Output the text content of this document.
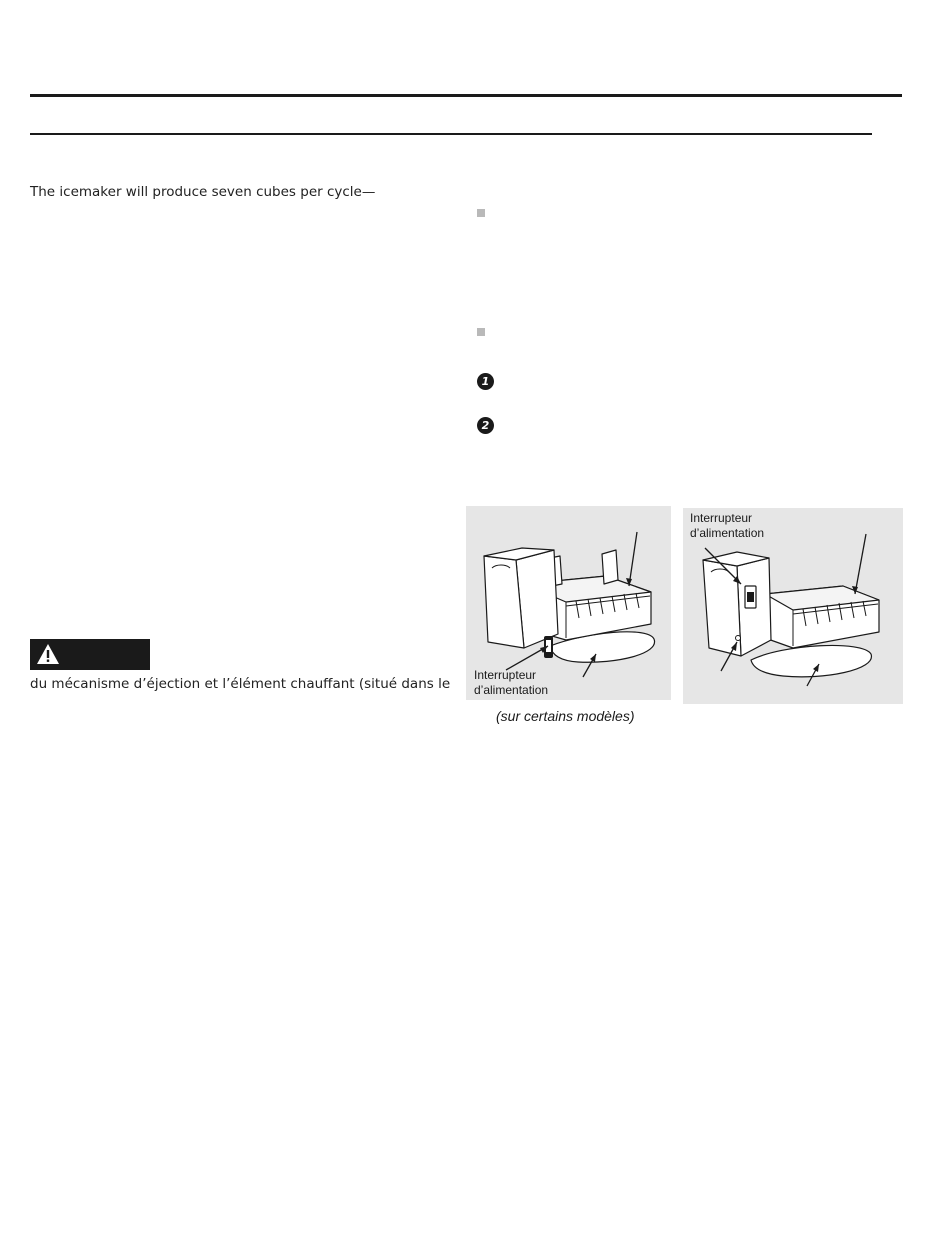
The icemaker will produce seven cubes per cycle—
du mécanisme d’éjection et l’élément chauffant (situé dans le
1
2
Interrupteur
d’alimentation
(sur certains modèles)
Interrupteur
d’alimentation
